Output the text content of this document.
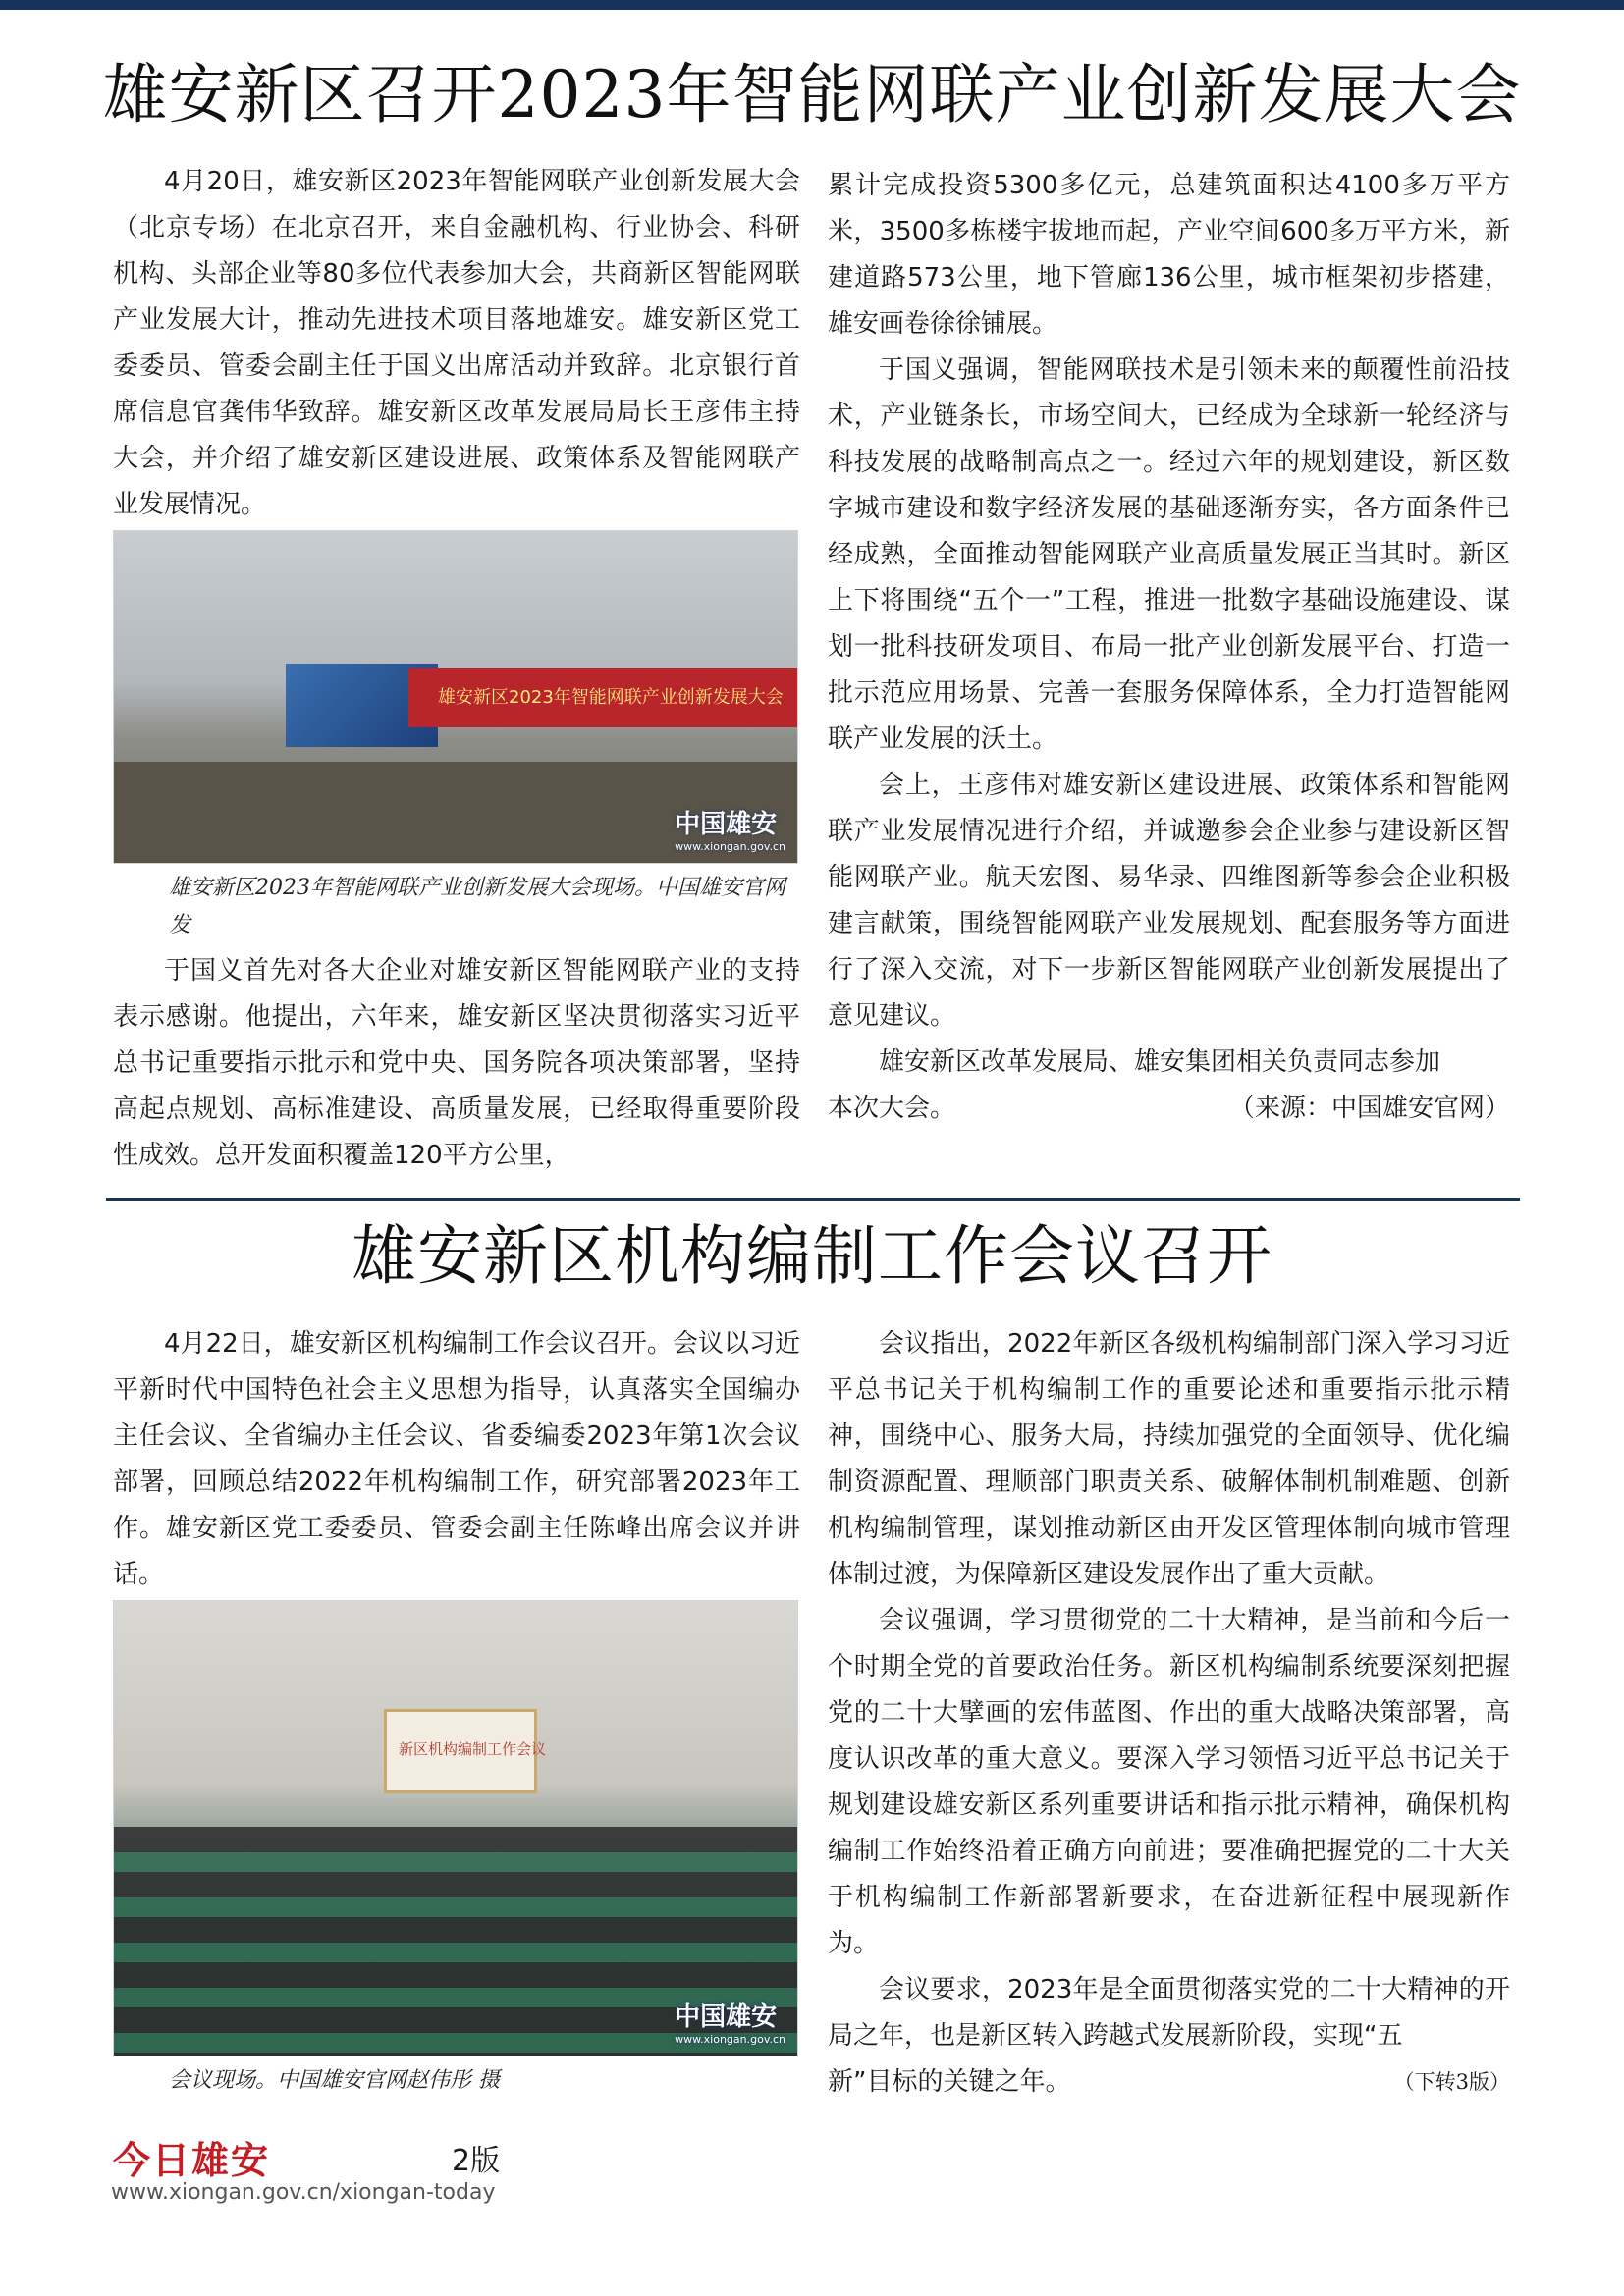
雄安新区召开2023年智能网联产业创新发展大会

4月20日，雄安新区2023年智能网联产业创新发展大会（北京专场）在北京召开，来自金融机构、行业协会、科研机构、头部企业等80多位代表参加大会，共商新区智能网联产业发展大计，推动先进技术项目落地雄安。雄安新区党工委委员、管委会副主任于国义出席活动并致辞。北京银行首席信息官龚伟华致辞。雄安新区改革发展局局长王彦伟主持大会，并介绍了雄安新区建设进展、政策体系及智能网联产业发展情况。

雄安新区2023年智能网联产业创新发展大会
中国雄安
www.xiongan.gov.cn
雄安新区2023年智能网联产业创新发展大会现场。中国雄安官网发

于国义首先对各大企业对雄安新区智能网联产业的支持表示感谢。他提出，六年来，雄安新区坚决贯彻落实习近平总书记重要指示批示和党中央、国务院各项决策部署，坚持高起点规划、高标准建设、高质量发展，已经取得重要阶段性成效。总开发面积覆盖120平方公里，

累计完成投资5300多亿元，总建筑面积达4100多万平方米，3500多栋楼宇拔地而起，产业空间600多万平方米，新建道路573公里，地下管廊136公里，城市框架初步搭建，雄安画卷徐徐铺展。

于国义强调，智能网联技术是引领未来的颠覆性前沿技术，产业链条长，市场空间大，已经成为全球新一轮经济与科技发展的战略制高点之一。经过六年的规划建设，新区数字城市建设和数字经济发展的基础逐渐夯实，各方面条件已经成熟，全面推动智能网联产业高质量发展正当其时。新区上下将围绕“五个一”工程，推进一批数字基础设施建设、谋划一批科技研发项目、布局一批产业创新发展平台、打造一批示范应用场景、完善一套服务保障体系，全力打造智能网联产业发展的沃土。

会上，王彦伟对雄安新区建设进展、政策体系和智能网联产业发展情况进行介绍，并诚邀参会企业参与建设新区智能网联产业。航天宏图、易华录、四维图新等参会企业积极建言献策，围绕智能网联产业发展规划、配套服务等方面进行了深入交流，对下一步新区智能网联产业创新发展提出了意见建议。

雄安新区改革发展局、雄安集团相关负责同志参加

本次大会。	（来源：中国雄安官网）
雄安新区机构编制工作会议召开

4月22日，雄安新区机构编制工作会议召开。会议以习近平新时代中国特色社会主义思想为指导，认真落实全国编办主任会议、全省编办主任会议、省委编委2023年第1次会议部署，回顾总结2022年机构编制工作，研究部署2023年工作。雄安新区党工委委员、管委会副主任陈峰出席会议并讲话。

新区机构编制工作会议
中国雄安
www.xiongan.gov.cn
会议现场。中国雄安官网赵伟彤 摄

会议指出，2022年新区各级机构编制部门深入学习习近平总书记关于机构编制工作的重要论述和重要指示批示精神，围绕中心、服务大局，持续加强党的全面领导、优化编制资源配置、理顺部门职责关系、破解体制机制难题、创新机构编制管理，谋划推动新区由开发区管理体制向城市管理体制过渡，为保障新区建设发展作出了重大贡献。

会议强调，学习贯彻党的二十大精神，是当前和今后一个时期全党的首要政治任务。新区机构编制系统要深刻把握党的二十大擘画的宏伟蓝图、作出的重大战略决策部署，高度认识改革的重大意义。要深入学习领悟习近平总书记关于规划建设雄安新区系列重要讲话和指示批示精神，确保机构编制工作始终沿着正确方向前进；要准确把握党的二十大关于机构编制工作新部署新要求，在奋进新征程中展现新作为。

会议要求，2023年是全面贯彻落实党的二十大精神的开局之年，也是新区转入跨越式发展新阶段，实现“五

新”目标的关键之年。	（下转3版）
今日雄安	2版
www.xiongan.gov.cn/xiongan-today
